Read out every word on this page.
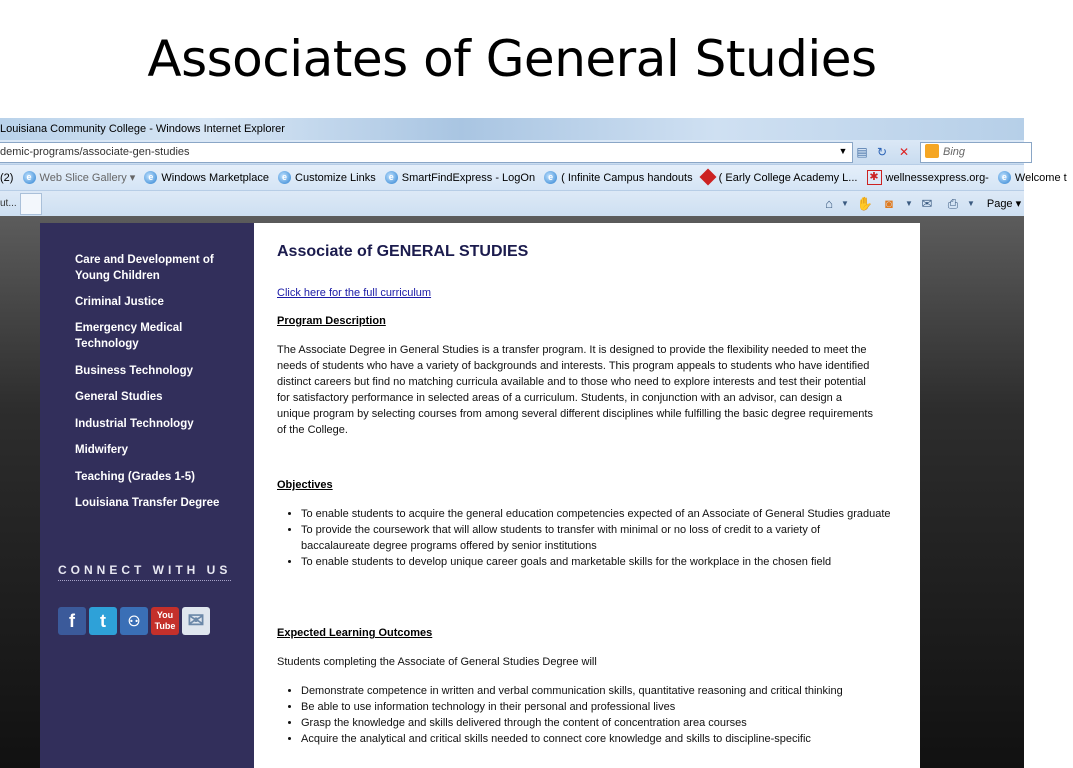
Associates of General Studies
Louisiana Community College - Windows Internet Explorer
demic-programs/associate-gen-studies	▼ ▤ ↻ ✕	Bing
(2) e Web Slice Gallery ▾ e Windows Marketplace e Customize Links e SmartFindExpress - LogOn e ( Infinite Campus handouts ( Early College Academy L... ✱ wellnessexpress.org- e Welcome t
ut...	⌂	▼ ✋ ◙	▼ ✉ ⎙	▼ Page ▾
Care and Development of Young Children
Criminal Justice
Emergency Medical Technology
Business Technology
General Studies
Industrial Technology
Midwifery
Teaching (Grades 1-5)
Louisiana Transfer Degree
CONNECT WITH US
f	t	⚇	You Tube ✉
Associate of GENERAL STUDIES
Click here for the full curriculum
Program Description
The Associate Degree in General Studies is a transfer program. It is designed to provide the flexibility needed to meet the needs of students who have a variety of backgrounds and interests. This program appeals to students who have identified distinct careers but find no matching curricula available and to those who need to explore interests and test their potential for satisfactory performance in selected areas of a curriculum. Students, in conjunction with an advisor, can design a unique program by selecting courses from among several different disciplines while fulfilling the basic degree requirements of the College.
Objectives
• To enable students to acquire the general education competencies expected of an Associate of General Studies graduate
• To provide the coursework that will allow students to transfer with minimal or no loss of credit to a variety of baccalaureate degree programs offered by senior institutions
• To enable students to develop unique career goals and marketable skills for the workplace in the chosen field
Expected Learning Outcomes
Students completing the Associate of General Studies Degree will
• Demonstrate competence in written and verbal communication skills, quantitative reasoning and critical thinking
• Be able to use information technology in their personal and professional lives
• Grasp the knowledge and skills delivered through the content of concentration area courses
• Acquire the analytical and critical skills needed to connect core knowledge and skills to discipline-specific
